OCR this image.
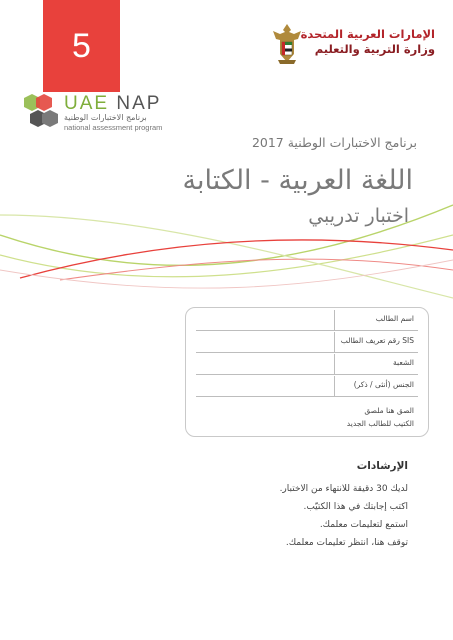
5	الإمارات العربية المتحدة
وزارة التربية والتعليم
UAE NAP
برنامج الاختبارات الوطنية
national assessment program
برنامج الاختبارات الوطنية 2017
اللغة العربية - الكتابة
اختبار تدريبي
اسم الطالب
SIS رقم تعريف الطالب
الشعبة
الجنس (أنثى / ذكر)
الصق هنا ملصق
الكتيب للطالب الجديد
الإرشادات
لديك 30 دقيقة للانتهاء من الاختبار.
اكتب إجابتك في هذا الكتيّب.
استمع لتعليمات معلمك.
توقف هنا، انتظر تعليمات معلمك.
